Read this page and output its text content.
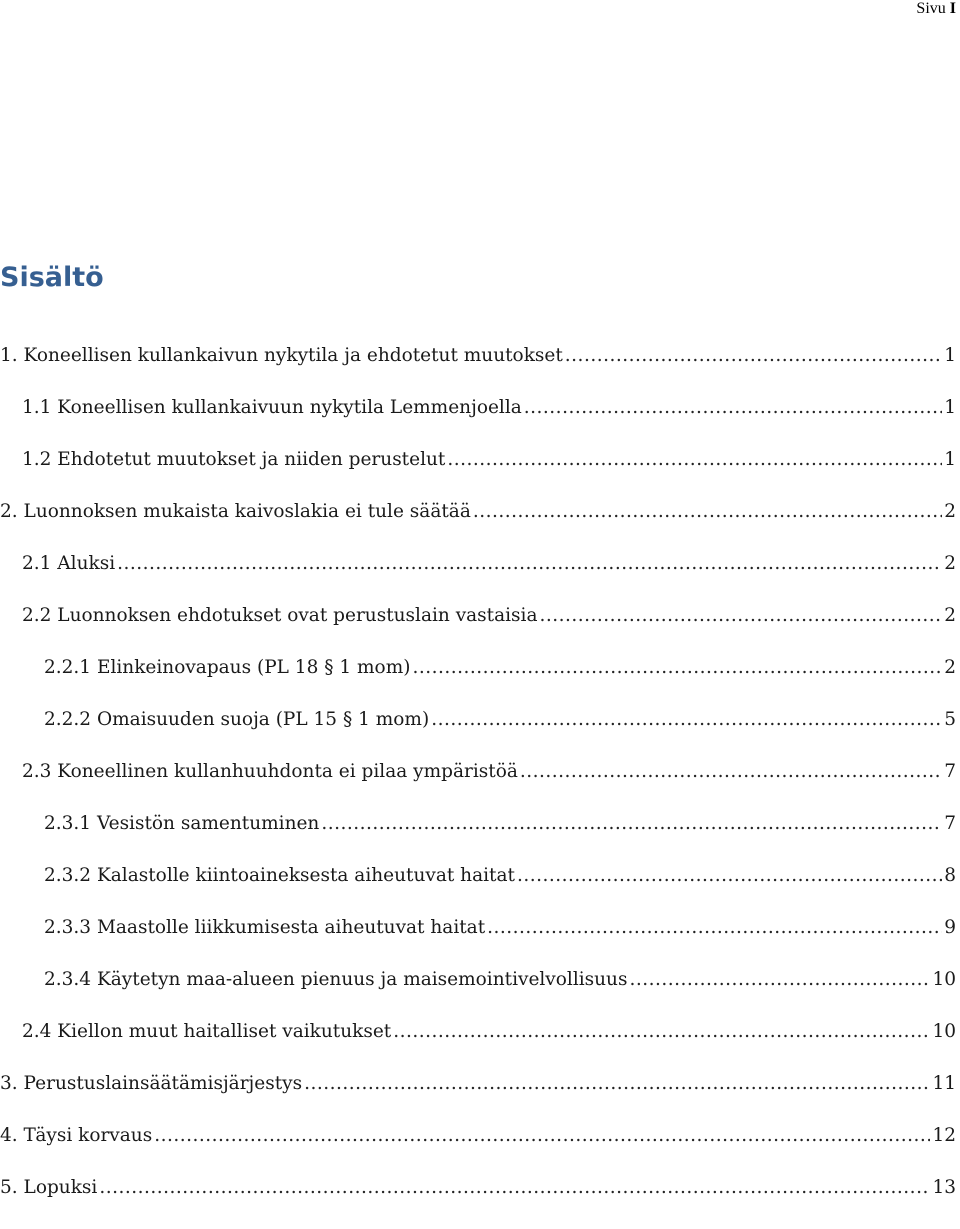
Sivu I
Sisältö
1. Koneellisen kullankaivun nykytila ja ehdotetut muutokset .....	1
1.1 Koneellisen kullankaivuun nykytila Lemmenjoella .....	1
1.2 Ehdotetut muutokset ja niiden perustelut .....	1
2. Luonnoksen mukaista kaivoslakia ei tule säätää .....	2
2.1 Aluksi .....	2
2.2 Luonnoksen ehdotukset ovat perustuslain vastaisia .....	2
2.2.1 Elinkeinovapaus (PL 18 § 1 mom) .....	2
2.2.2 Omaisuuden suoja (PL 15 § 1 mom) .....	5
2.3 Koneellinen kullanhuuhdonta ei pilaa ympäristöä .....	7
2.3.1 Vesistön samentuminen .....	7
2.3.2 Kalastolle kiintoaineksesta aiheutuvat haitat .....	8
2.3.3 Maastolle liikkumisesta aiheutuvat haitat .....	9
2.3.4 Käytetyn maa-alueen pienuus ja maisemointivelvollisuus .....	10
2.4 Kiellon muut haitalliset vaikutukset .....	10
3. Perustuslainsäätämisjärjestys .....	11
4. Täysi korvaus .....	12
5. Lopuksi .....	13
